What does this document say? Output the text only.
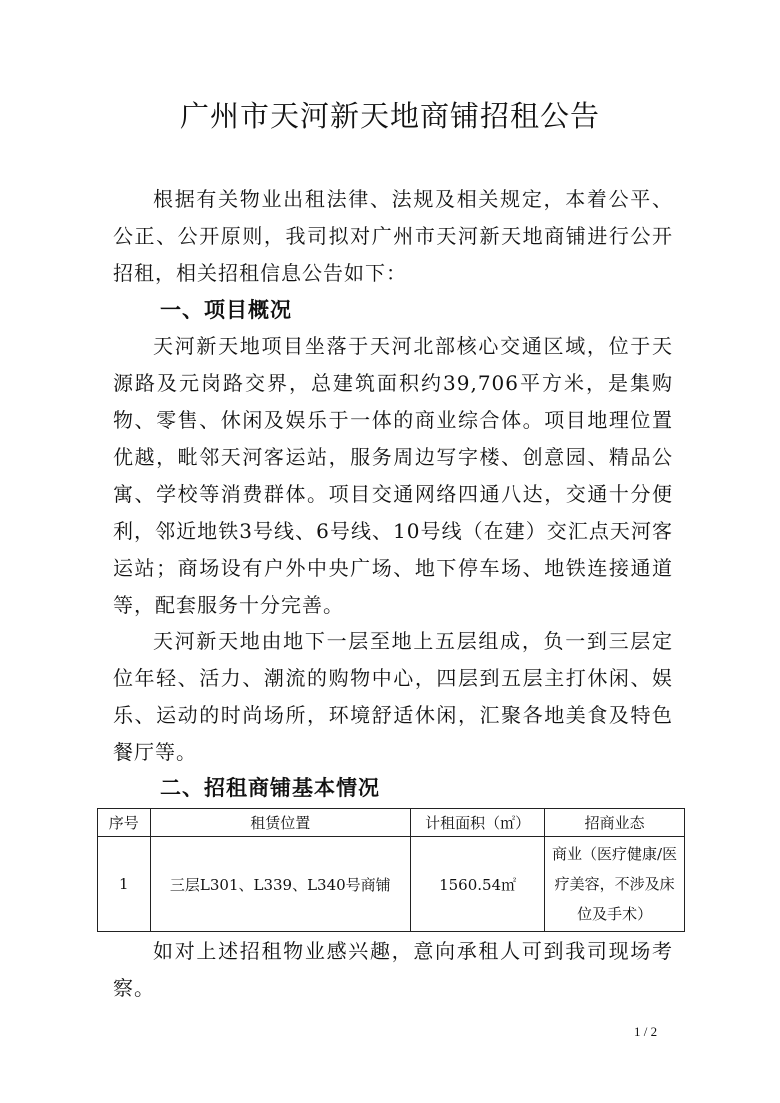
广州市天河新天地商铺招租公告
根据有关物业出租法律、法规及相关规定，本着公平、公正、公开原则，我司拟对广州市天河新天地商铺进行公开招租，相关招租信息公告如下：
一、项目概况
天河新天地项目坐落于天河北部核心交通区域，位于天源路及元岗路交界，总建筑面积约39,706平方米，是集购物、零售、休闲及娱乐于一体的商业综合体。项目地理位置优越，毗邻天河客运站，服务周边写字楼、创意园、精品公寓、学校等消费群体。项目交通网络四通八达，交通十分便利，邻近地铁3号线、6号线、10号线（在建）交汇点天河客运站；商场设有户外中央广场、地下停车场、地铁连接通道等，配套服务十分完善。
天河新天地由地下一层至地上五层组成，负一到三层定位年轻、活力、潮流的购物中心，四层到五层主打休闲、娱乐、运动的时尚场所，环境舒适休闲，汇聚各地美食及特色餐厅等。
二、招租商铺基本情况
序号	租赁位置	计租面积（㎡）	招商业态
1	三层L301、L339、L340号商铺	1560.54㎡	商业（医疗健康/医疗美容，不涉及床位及手术）
如对上述招租物业感兴趣，意向承租人可到我司现场考察。
1 / 2
